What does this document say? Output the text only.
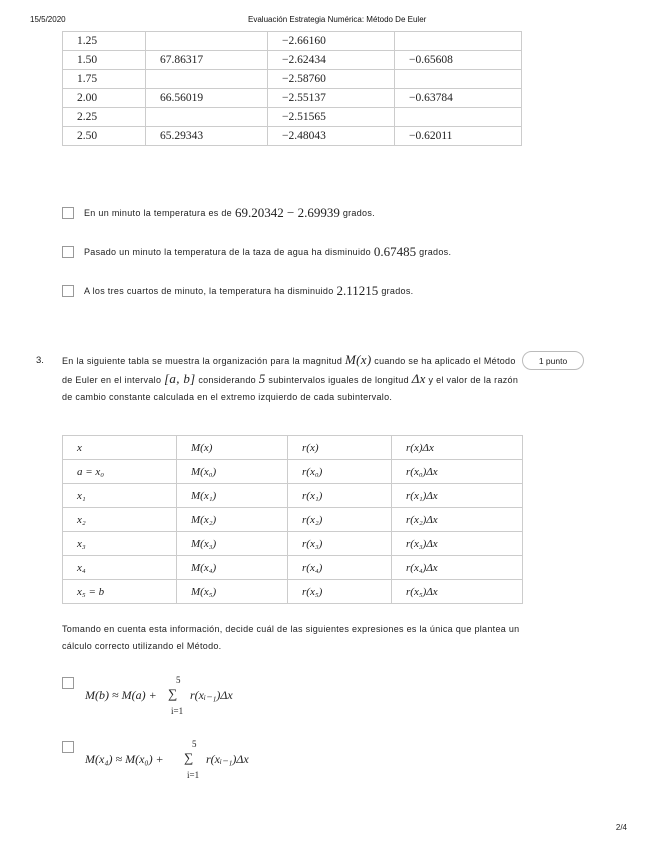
15/5/2020	Evaluación Estrategia Numérica: Método De Euler
1.25		−2.66160	
1.50	67.86317	−2.62434	−0.65608
1.75		−2.58760	
2.00	66.56019	−2.55137	−0.63784
2.25		−2.51565	
2.50	65.29343	−2.48043	−0.62011
En un minuto la temperatura es de 69.20342 − 2.69939 grados.
Pasado un minuto la temperatura de la taza de agua ha disminuido 0.67485 grados.
A los tres cuartos de minuto, la temperatura ha disminuido 2.11215 grados.
3. En la siguiente tabla se muestra la organización para la magnitud M(x) cuando se ha aplicado el Método de Euler en el intervalo [a, b] considerando 5 subintervalos iguales de longitud Δx y el valor de la razón de cambio constante calculada en el extremo izquierdo de cada subintervalo.
1 punto
x	M(x)	r(x)	r(x)Δx
a = x₀	M(x₀)	r(x₀)	r(x₀)Δx
x₁	M(x₁)	r(x₁)	r(x₁)Δx
x₂	M(x₂)	r(x₂)	r(x₂)Δx
x₃	M(x₃)	r(x₃)	r(x₃)Δx
x₄	M(x₄)	r(x₄)	r(x₄)Δx
x₅ = b	M(x₅)	r(x₅)	r(x₅)Δx
Tomando en cuenta esta información, decide cuál de las siguientes expresiones es la única que plantea un cálculo correcto utilizando el Método.
M(b) ≈ M(a) +
5
∑
i=1
r(xᵢ₋₁)Δx
M(x₄) ≈ M(x₀) +
5
∑
i=1
r(xᵢ₋₁)Δx
2/4
